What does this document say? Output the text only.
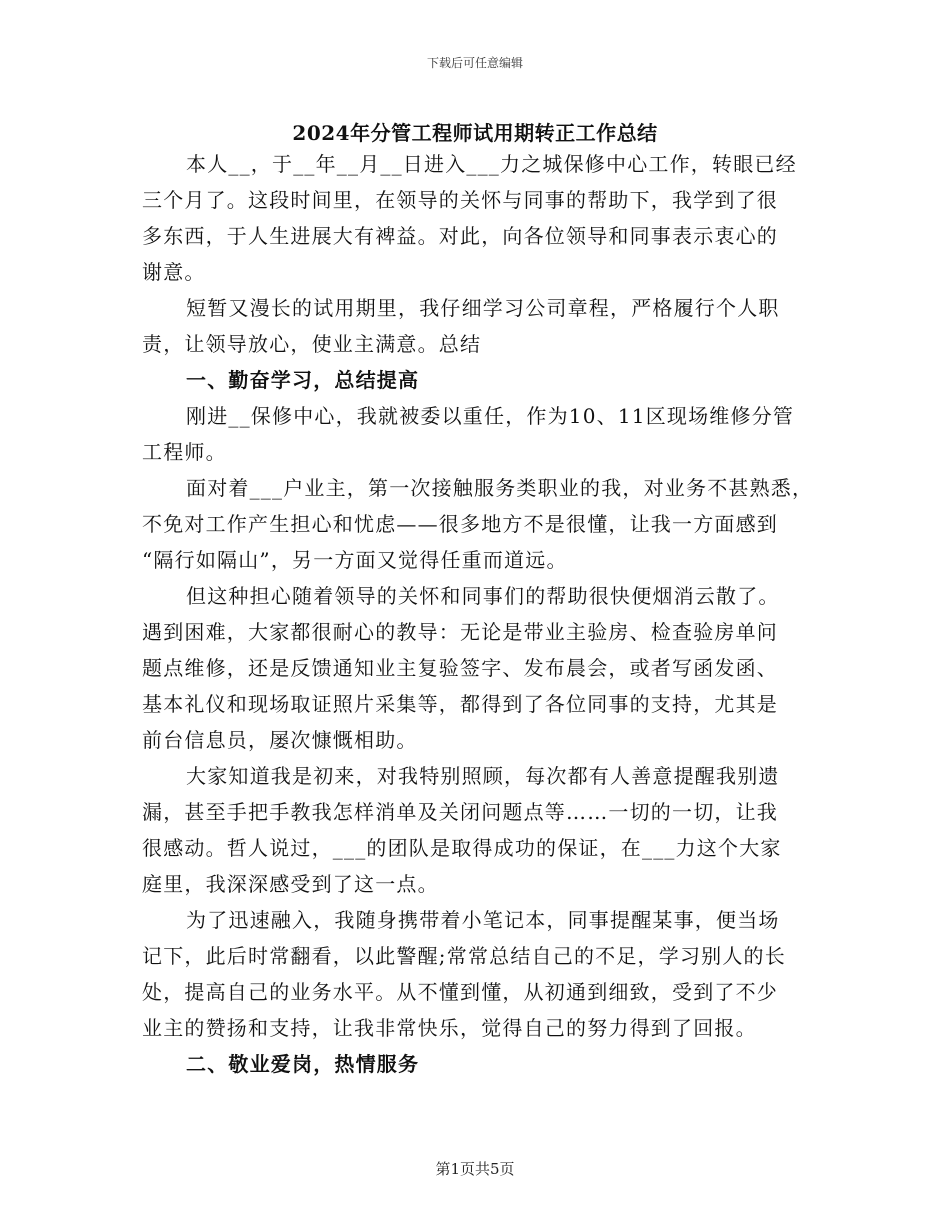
下载后可任意编辑
2024年分管工程师试用期转正工作总结
本人__，于__年__月__日进入___力之城保修中心工作，转眼已经
三个月了。这段时间里，在领导的关怀与同事的帮助下，我学到了很
多东西，于人生进展大有裨益。对此，向各位领导和同事表示衷心的
谢意。
短暂又漫长的试用期里，我仔细学习公司章程，严格履行个人职
责，让领导放心，使业主满意。总结
一、勤奋学习，总结提高
刚进__保修中心，我就被委以重任，作为10、11区现场维修分管
工程师。
面对着___户业主，第一次接触服务类职业的我，对业务不甚熟悉，
不免对工作产生担心和忧虑——很多地方不是很懂，让我一方面感到
“隔行如隔山”，另一方面又觉得任重而道远。
但这种担心随着领导的关怀和同事们的帮助很快便烟消云散了。
遇到困难，大家都很耐心的教导：无论是带业主验房、检查验房单问
题点维修，还是反馈通知业主复验签字、发布晨会，或者写函发函、
基本礼仪和现场取证照片采集等，都得到了各位同事的支持，尤其是
前台信息员，屡次慷慨相助。
大家知道我是初来，对我特别照顾，每次都有人善意提醒我别遗
漏，甚至手把手教我怎样消单及关闭问题点等……一切的一切，让我
很感动。哲人说过，___的团队是取得成功的保证，在___力这个大家
庭里，我深深感受到了这一点。
为了迅速融入，我随身携带着小笔记本，同事提醒某事，便当场
记下，此后时常翻看，以此警醒;常常总结自己的不足，学习别人的长
处，提高自己的业务水平。从不懂到懂，从初通到细致，受到了不少
业主的赞扬和支持，让我非常快乐，觉得自己的努力得到了回报。
二、敬业爱岗，热情服务
第1页共5页
